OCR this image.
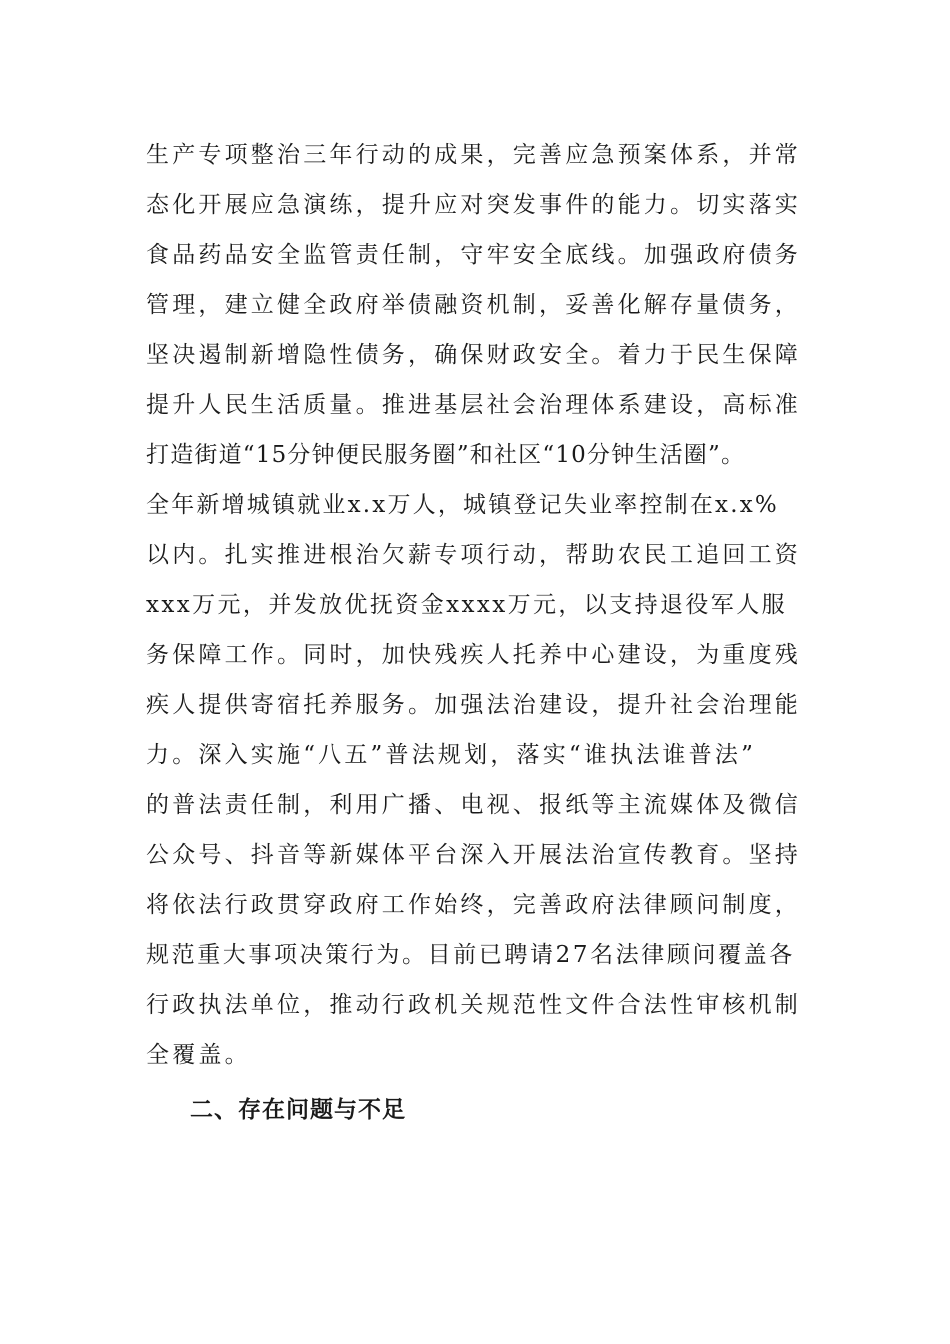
生产专项整治三年行动的成果，完善应急预案体系，并常
态化开展应急演练，提升应对突发事件的能力。切实落实
食品药品安全监管责任制，守牢安全底线。加强政府债务
管理，建立健全政府举债融资机制，妥善化解存量债务，
坚决遏制新增隐性债务，确保财政安全。着力于民生保障
提升人民生活质量。推进基层社会治理体系建设，高标准
打造街道“15分钟便民服务圈”和社区“10分钟生活圈”。
全年新增城镇就业x.x万人，城镇登记失业率控制在x.x%
以内。扎实推进根治欠薪专项行动，帮助农民工追回工资
xxx万元，并发放优抚资金xxxx万元，以支持退役军人服
务保障工作。同时，加快残疾人托养中心建设，为重度残
疾人提供寄宿托养服务。加强法治建设，提升社会治理能
力。深入实施“八五”普法规划，落实“谁执法谁普法”
的普法责任制，利用广播、电视、报纸等主流媒体及微信
公众号、抖音等新媒体平台深入开展法治宣传教育。坚持
将依法行政贯穿政府工作始终，完善政府法律顾问制度，
规范重大事项决策行为。目前已聘请27名法律顾问覆盖各
行政执法单位，推动行政机关规范性文件合法性审核机制
全覆盖。
二、存在问题与不足
